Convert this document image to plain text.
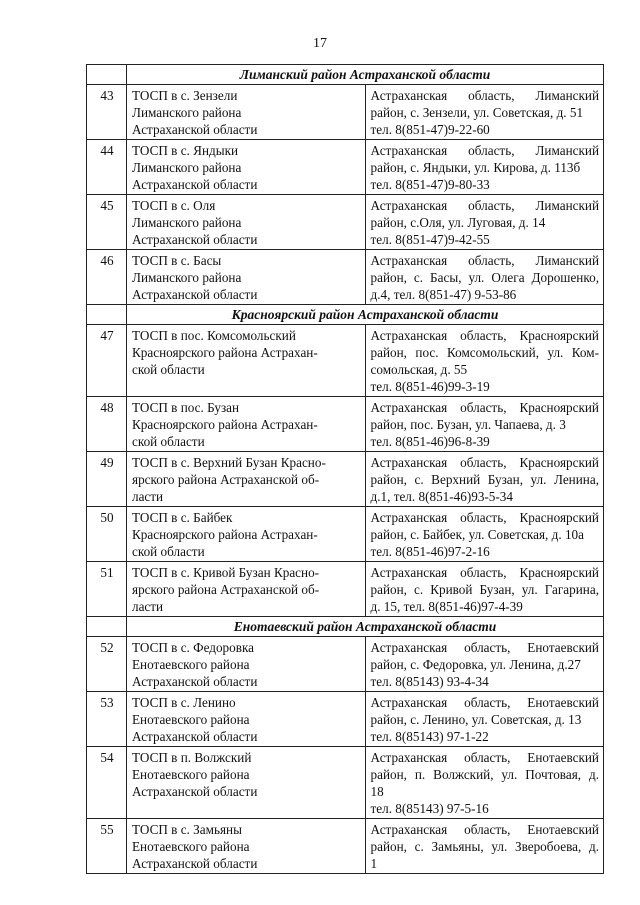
17
	Лиманский район Астраханской области	
43	ТОСП в с. Зензели
Лиманского района
Астраханской области	Астраханская область, Лиманский
район, с. Зензели, ул. Советская, д. 51
тел. 8(851-47)9-22-60

44	ТОСП в с. Яндыки
Лиманского района
Астраханской области	Астраханская область, Лиманский
район, с. Яндыки, ул. Кирова, д. 113б
тел. 8(851-47)9-80-33

45	ТОСП в с. Оля
Лиманского района
Астраханской области	Астраханская область, Лиманский
район, с.Оля, ул. Луговая, д. 14
тел. 8(851-47)9-42-55

46	ТОСП в с. Басы
Лиманского района
Астраханской области	Астраханская область, Лиманский
район, с. Басы, ул. Олега Дорошенко,
д.4, тел. 8(851-47) 9-53-86

	Красноярский район Астраханской области	
47	ТОСП в пос. Комсомольский
Красноярского района Астрахан-
ской области	Астраханская область, Красноярский
район, пос. Комсомольский, ул. Ком-
сомольская, д. 55
тел. 8(851-46)99-3-19

48	ТОСП в пос. Бузан
Красноярского района Астрахан-
ской области	Астраханская область, Красноярский
район, пос. Бузан, ул. Чапаева, д. 3
тел. 8(851-46)96-8-39

49	ТОСП в с. Верхний Бузан Красно-
ярского района Астраханской об-
ласти	Астраханская область, Красноярский
район, с. Верхний Бузан, ул. Ленина,
д.1, тел. 8(851-46)93-5-34

50	ТОСП в с. Байбек
Красноярского района Астрахан-
ской области	Астраханская область, Красноярский
район, с. Байбек, ул. Советская, д. 10а
тел. 8(851-46)97-2-16

51	ТОСП в с. Кривой Бузан Красно-
ярского района Астраханской об-
ласти	Астраханская область, Красноярский
район, с. Кривой Бузан, ул. Гагарина,
д. 15, тел. 8(851-46)97-4-39

	Енотаевский район Астраханской области	
52	ТОСП в с. Федоровка
Енотаевского района
Астраханской области	Астраханская область, Енотаевский
район, с. Федоровка, ул. Ленина, д.27
тел. 8(85143) 93-4-34

53	ТОСП в с. Ленино
Енотаевского района
Астраханской области	Астраханская область, Енотаевский
район, с. Ленино, ул. Советская, д. 13
тел. 8(85143) 97-1-22

54	ТОСП в п. Волжский
Енотаевского района
Астраханской области	Астраханская область, Енотаевский
район, п. Волжский, ул. Почтовая, д.
18
тел. 8(85143) 97-5-16

55	ТОСП в с. Замьяны
Енотаевского района
Астраханской области	Астраханская область, Енотаевский
район, с. Замьяны, ул. Зверобоева, д.
1
